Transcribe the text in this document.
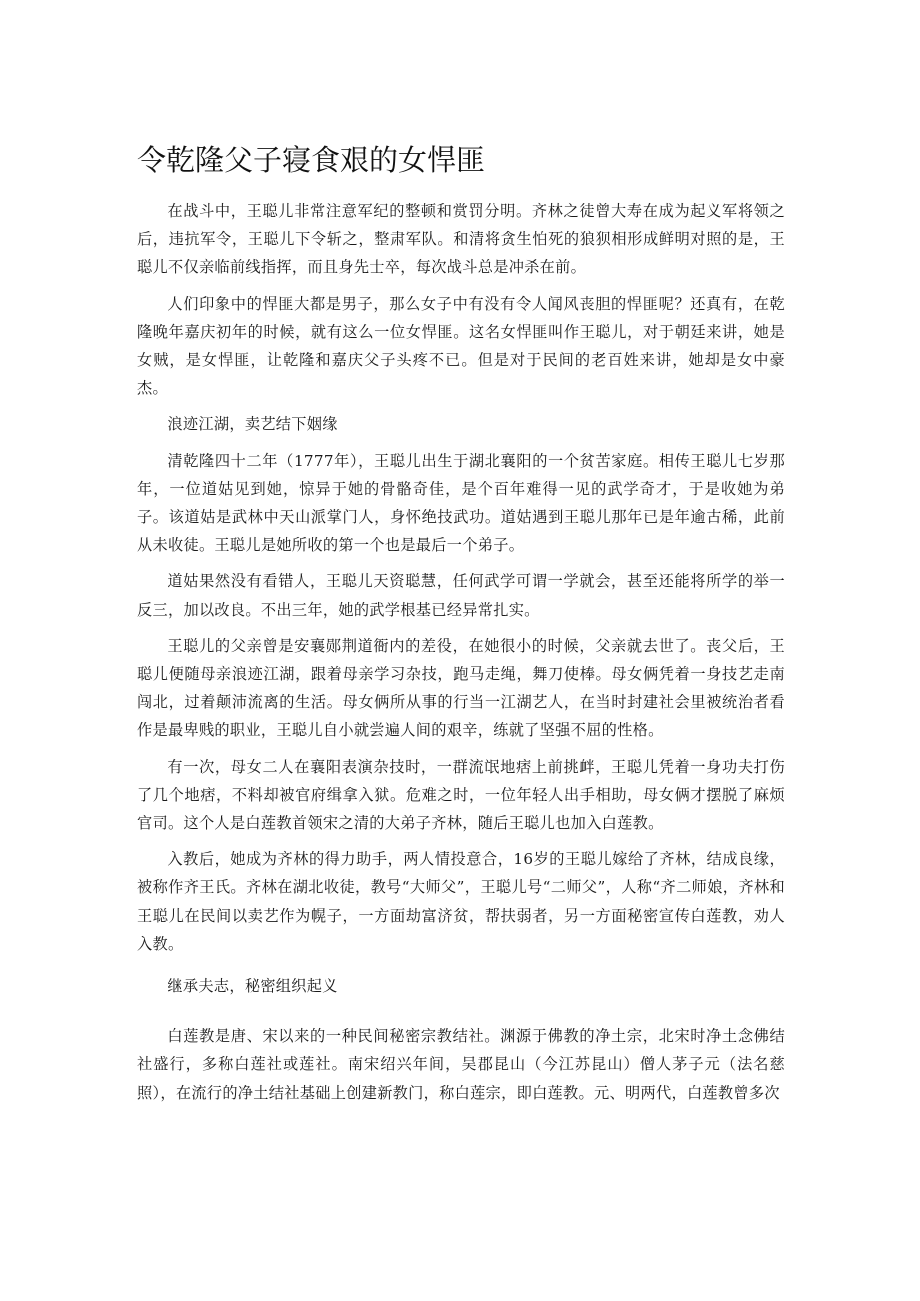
令乾隆父子寝食艰的女悍匪

在战斗中，王聪儿非常注意军纪的整顿和赏罚分明。齐林之徒曾大寿在成为起义军将领之后，违抗军令，王聪儿下令斩之，整肃军队。和清将贪生怕死的狼狈相形成鲜明对照的是，王聪儿不仅亲临前线指挥，而且身先士卒，每次战斗总是冲杀在前。

人们印象中的悍匪大都是男子，那么女子中有没有令人闻风丧胆的悍匪呢？还真有，在乾隆晚年嘉庆初年的时候，就有这么一位女悍匪。这名女悍匪叫作王聪儿，对于朝廷来讲，她是女贼，是女悍匪，让乾隆和嘉庆父子头疼不已。但是对于民间的老百姓来讲，她却是女中豪杰。

浪迹江湖，卖艺结下姻缘

清乾隆四十二年（1777年），王聪儿出生于湖北襄阳的一个贫苦家庭。相传王聪儿七岁那年，一位道姑见到她，惊异于她的骨骼奇佳，是个百年难得一见的武学奇才，于是收她为弟子。该道姑是武林中天山派掌门人，身怀绝技武功。道姑遇到王聪儿那年已是年逾古稀，此前从未收徒。王聪儿是她所收的第一个也是最后一个弟子。

道姑果然没有看错人，王聪儿天资聪慧，任何武学可谓一学就会，甚至还能将所学的举一反三，加以改良。不出三年，她的武学根基已经异常扎实。

王聪儿的父亲曾是安襄郧荆道衙内的差役，在她很小的时候，父亲就去世了。丧父后，王聪儿便随母亲浪迹江湖，跟着母亲学习杂技，跑马走绳，舞刀使棒。母女俩凭着一身技艺走南闯北，过着颠沛流离的生活。母女俩所从事的行当一江湖艺人，在当时封建社会里被统治者看作是最卑贱的职业，王聪儿自小就尝遍人间的艰辛，练就了坚强不屈的性格。

有一次，母女二人在襄阳表演杂技时，一群流氓地痞上前挑衅，王聪儿凭着一身功夫打伤了几个地痞，不料却被官府缉拿入狱。危难之时，一位年轻人出手相助，母女俩才摆脱了麻烦官司。这个人是白莲教首领宋之清的大弟子齐林，随后王聪儿也加入白莲教。

入教后，她成为齐林的得力助手，两人情投意合，16岁的王聪儿嫁给了齐林，结成良缘，被称作齐王氏。齐林在湖北收徒，教号“大师父”，王聪儿号“二师父”，人称“齐二师娘，齐林和王聪儿在民间以卖艺作为幌子，一方面劫富济贫，帮扶弱者，另一方面秘密宣传白莲教，劝人入教。

继承夫志，秘密组织起义

白莲教是唐、宋以来的一种民间秘密宗教结社。渊源于佛教的净土宗，北宋时净土念佛结社盛行，多称白莲社或莲社。南宋绍兴年间，吴郡昆山（今江苏昆山）僧人茅子元（法名慈照），在流行的净土结社基础上创建新教门，称白莲宗，即白莲教。元、明两代，白莲教曾多次
